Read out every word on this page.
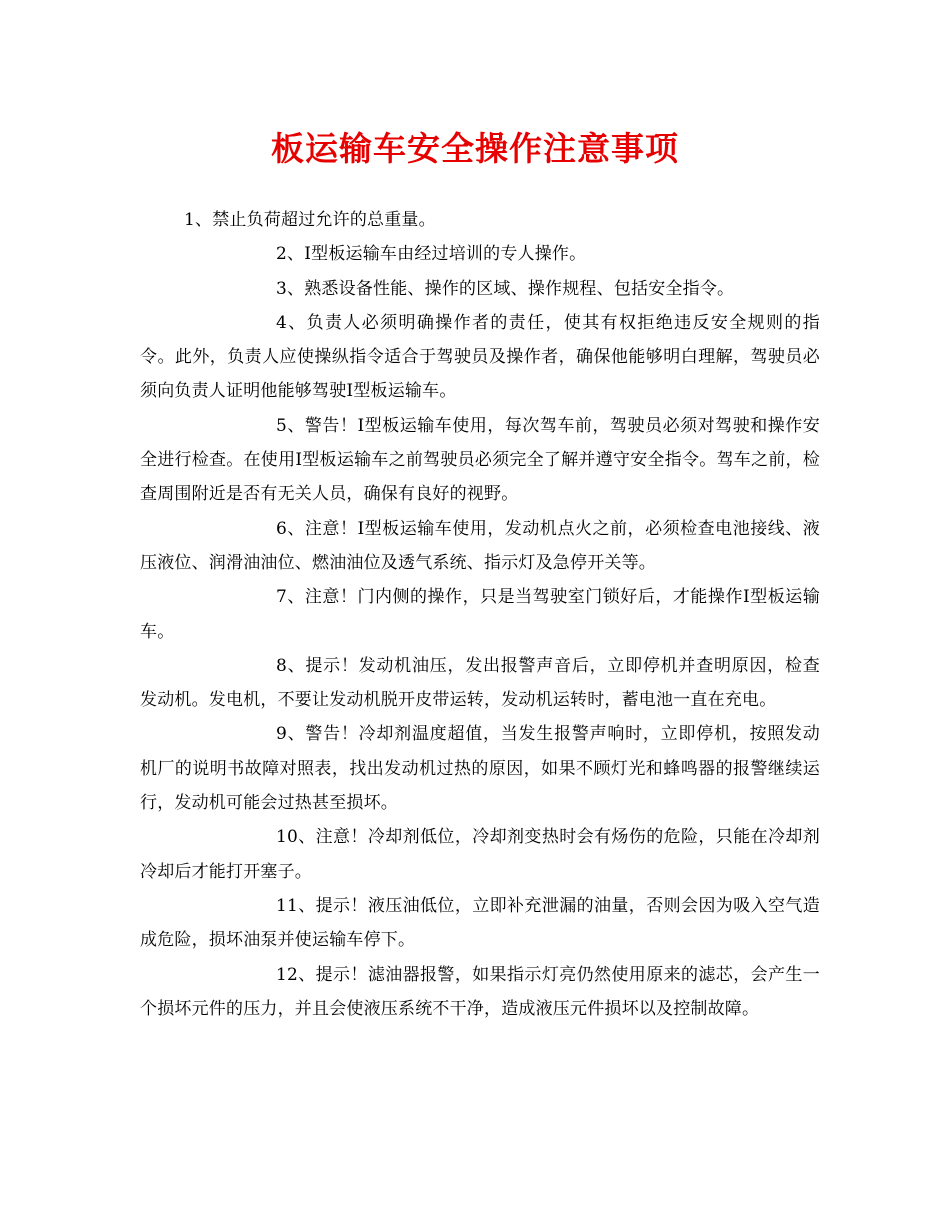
板运输车安全操作注意事项

1、禁止负荷超过允许的总重量。

2、I型板运输车由经过培训的专人操作。

3、熟悉设备性能、操作的区域、操作规程、包括安全指令。

4、负责人必须明确操作者的责任，使其有权拒绝违反安全规则的指令。此外，负责人应使操纵指令适合于驾驶员及操作者，确保他能够明白理解，驾驶员必须向负责人证明他能够驾驶I型板运输车。

5、警告！I型板运输车使用，每次驾车前，驾驶员必须对驾驶和操作安全进行检查。在使用I型板运输车之前驾驶员必须完全了解并遵守安全指令。驾车之前，检查周围附近是否有无关人员，确保有良好的视野。

6、注意！I型板运输车使用，发动机点火之前，必须检查电池接线、液压液位、润滑油油位、燃油油位及透气系统、指示灯及急停开关等。

7、注意！门内侧的操作，只是当驾驶室门锁好后，才能操作I型板运输车。

8、提示！发动机油压，发出报警声音后，立即停机并查明原因，检查发动机。发电机，不要让发动机脱开皮带运转，发动机运转时，蓄电池一直在充电。

9、警告！冷却剂温度超值，当发生报警声响时，立即停机，按照发动机厂的说明书故障对照表，找出发动机过热的原因，如果不顾灯光和蜂鸣器的报警继续运行，发动机可能会过热甚至损坏。

10、注意！冷却剂低位，冷却剂变热时会有炀伤的危险，只能在冷却剂冷却后才能打开塞子。

11、提示！液压油低位，立即补充泄漏的油量，否则会因为吸入空气造成危险，损坏油泵并使运输车停下。

12、提示！滤油器报警，如果指示灯亮仍然使用原来的滤芯，会产生一个损坏元件的压力，并且会使液压系统不干净，造成液压元件损坏以及控制故障。
